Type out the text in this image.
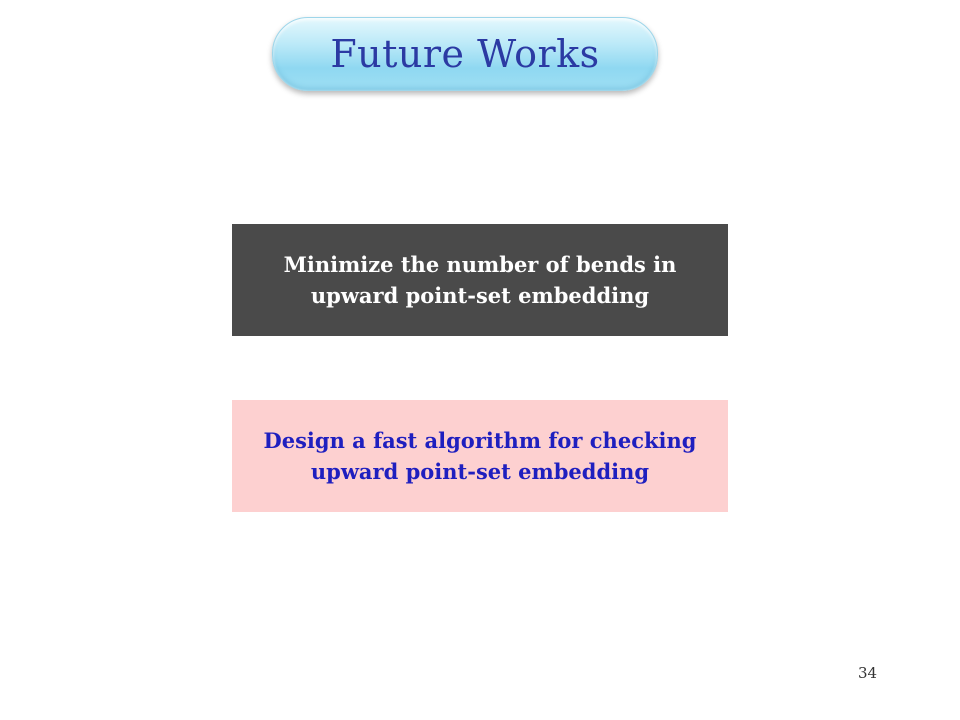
Future Works
Minimize the number of bends in
upward point-set embedding
Design a fast algorithm for checking
upward point-set embedding
34
